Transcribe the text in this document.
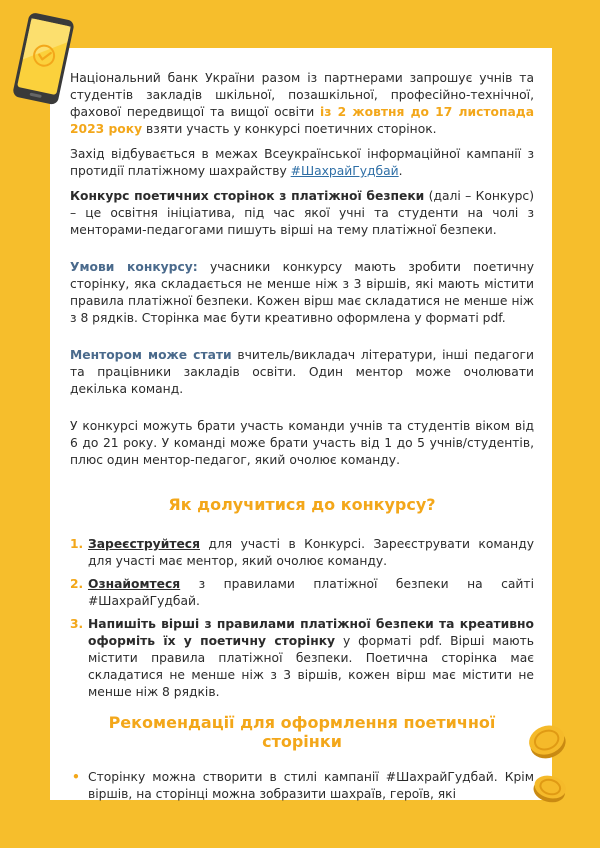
Національний банк України разом із партнерами запрошує учнів та студентів закладів шкільної, позашкільної, професійно-технічної, фахової передвищої та вищої освіти із 2 жовтня до 17 листопада 2023 року взяти участь у конкурсі поетичних сторінок.

Захід відбувається в межах Всеукраїнської інформаційної кампанії з протидії платіжному шахрайству #ШахрайГудбай.

Конкурс поетичних сторінок з платіжної безпеки (далі – Конкурс) – це освітня ініціатива, під час якої учні та студенти на чолі з менторами-педагогами пишуть вірші на тему платіжної безпеки.

Умови конкурсу: учасники конкурсу мають зробити поетичну сторінку, яка складається не менше ніж з 3 віршів, які мають містити правила платіжної безпеки. Кожен вірш має складатися не менше ніж з 8 рядків. Сторінка має бути креативно оформлена у форматі pdf.

Ментором може стати вчитель/викладач літератури, інші педагоги та працівники закладів освіти. Один ментор може очолювати декілька команд.

У конкурсі можуть брати участь команди учнів та студентів віком від 6 до 21 року. У команді може брати участь від 1 до 5 учнів/студентів, плюс один ментор-педагог, який очолює команду.

Як долучитися до конкурсу?
1. Зареєструйтеся для участі в Конкурсі. Зареєструвати команду для участі має ментор, який очолює команду.
2. Ознайомтеся з правилами платіжної безпеки на сайті #ШахрайГудбай.
3. Напишіть вірші з правилами платіжної безпеки та креативно оформіть їх у поетичну сторінку у форматі pdf. Вірші мають містити правила платіжної безпеки. Поетична сторінка має складатися не менше ніж з 3 віршів, кожен вірш має містити не менше ніж 8 рядків.
Рекомендації для оформлення поетичної сторінки
• Сторінку можна створити в стилі кампанії #ШахрайГудбай. Крім віршів, на сторінці можна зобразити шахраїв, героїв, які
